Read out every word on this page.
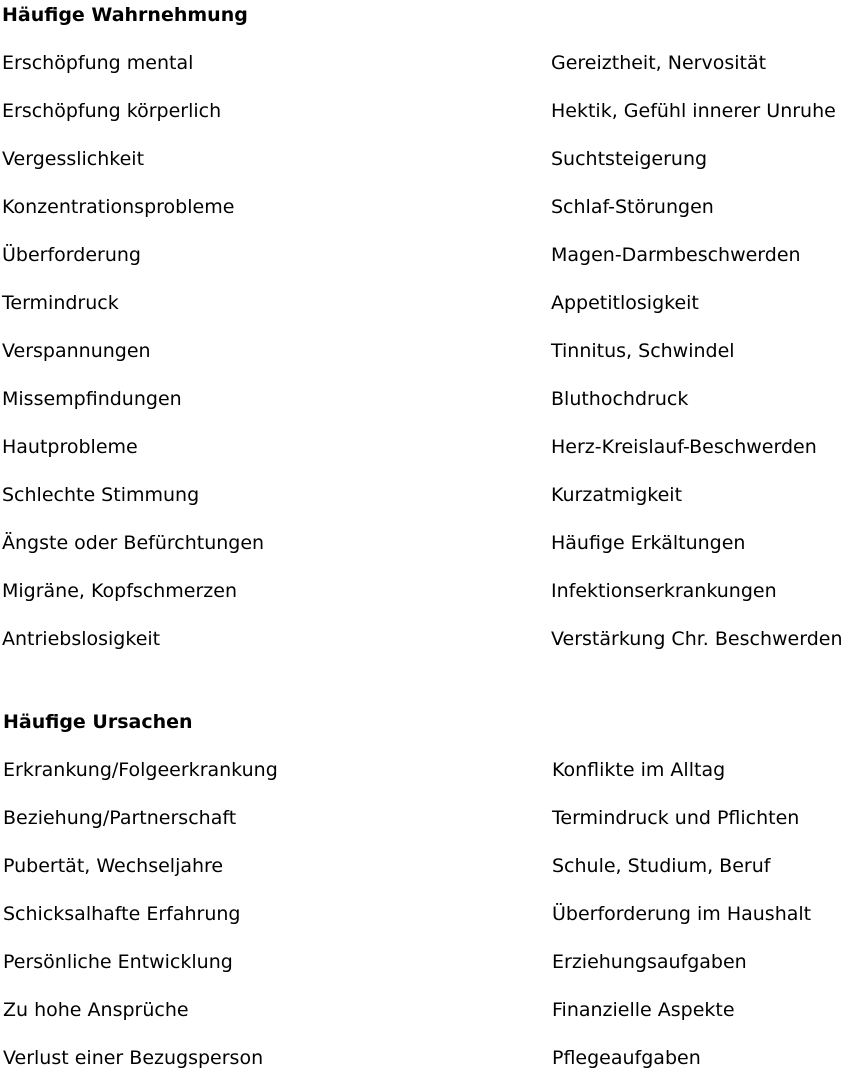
Häufige Wahrnehmung
Erschöpfung mental	Gereiztheit, Nervosität
Erschöpfung körperlich	Hektik, Gefühl innerer Unruhe
Vergesslichkeit	Suchtsteigerung
Konzentrationsprobleme	Schlaf-Störungen
Überforderung	Magen-Darmbeschwerden
Termindruck	Appetitlosigkeit
Verspannungen	Tinnitus, Schwindel
Missempfindungen	Bluthochdruck
Hautprobleme	Herz-Kreislauf-Beschwerden
Schlechte Stimmung	Kurzatmigkeit
Ängste oder Befürchtungen	Häufige Erkältungen
Migräne, Kopfschmerzen	Infektionserkrankungen
Antriebslosigkeit	Verstärkung Chr. Beschwerden
Häufige Ursachen
Erkrankung/Folgeerkrankung	Konflikte im Alltag
Beziehung/Partnerschaft	Termindruck und Pflichten
Pubertät, Wechseljahre	Schule, Studium, Beruf
Schicksalhafte Erfahrung	Überforderung im Haushalt
Persönliche Entwicklung	Erziehungsaufgaben
Zu hohe Ansprüche	Finanzielle Aspekte
Verlust einer Bezugsperson	Pflegeaufgaben
